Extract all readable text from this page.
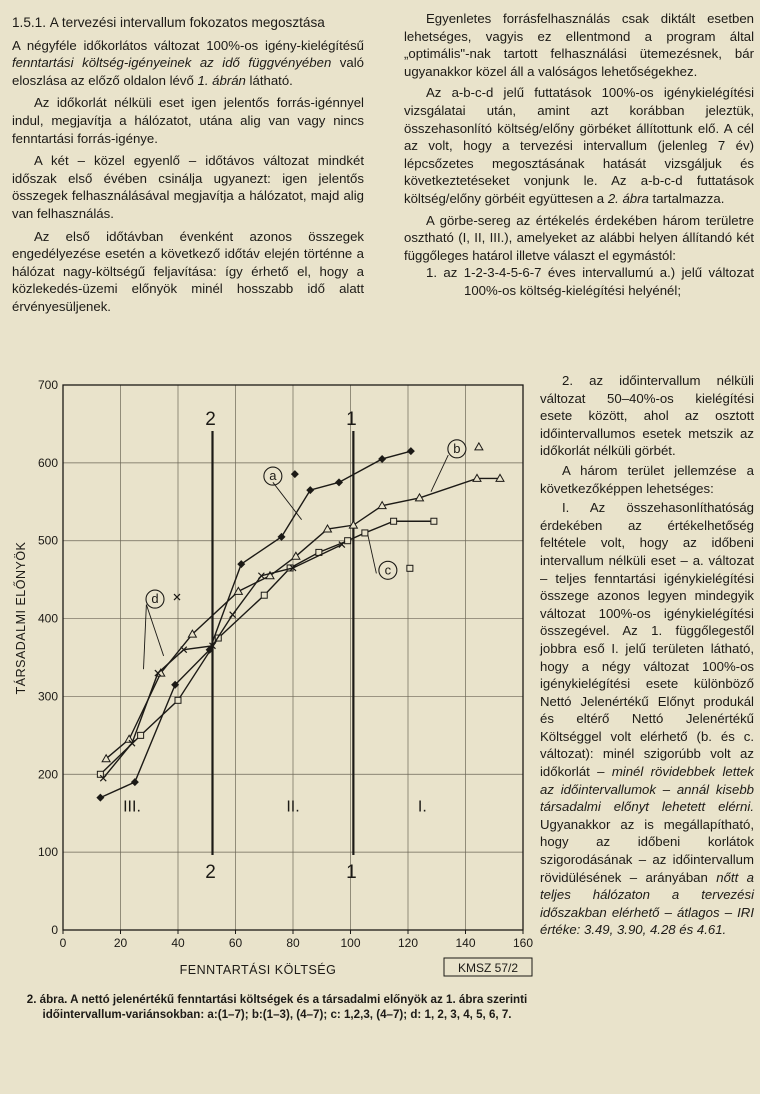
1.5.1. A tervezési intervallum fokozatos megosztása

A négyféle időkorlátos változat 100%-os igény-kielégítésű fenntartási költség-igényeinek az idő függvényében való eloszlása az előző oldalon lévő 1. ábrán látható.

Az időkorlát nélküli eset igen jelentős forrás-igénnyel indul, megjavítja a hálózatot, utána alig van vagy nincs fenntartási forrás-igénye.

A két – közel egyenlő – időtávos változat mindkét időszak első évében csinálja ugyanezt: igen jelentős összegek felhasználásával megjavítja a hálózatot, majd alig van felhasználás.

Az első időtávban évenként azonos összegek engedélyezése esetén a következő időtáv elején történne a hálózat nagy-költségű feljavítása: így érhető el, hogy a közlekedés-üzemi előnyök minél hosszabb idő alatt érvényesüljenek.

Egyenletes forrásfelhasználás csak diktált esetben lehetséges, vagyis ez ellentmond a program által „optimális"-nak tartott felhasználási ütemezésnek, bár ugyanakkor közel áll a valóságos lehetőségekhez.

Az a-b-c-d jelű futtatások 100%-os igénykielégítési vizsgálatai után, amint azt korábban jeleztük, összehasonlító költség/előny görbéket állítottunk elő. A cél az volt, hogy a tervezési intervallum (jelenleg 7 év) lépcsőzetes megosztásának hatását vizsgáljuk és következtetéseket vonjunk le. Az a-b-c-d futtatások költség/előny görbéit együttesen a 2. ábra tartalmazza.

A görbe-sereg az értékelés érdekében három területre osztható (I, II, III.), amelyeket az alábbi helyen állítandó két függőleges határol illetve választ el egymástól:

1. az 1-2-3-4-5-6-7 éves intervallumú a.) jelű változat 100%-os költség-kielégítési helyénél;

2. az időintervallum nélküli változat 50–40%-os kielégítési esete között, ahol az osztott időintervallumos esetek metszik az időkorlát nélküli görbét.

A három terület jellemzése a következőképpen lehetséges:

I. Az összehasonlíthatóság érdekében az értékelhetőség feltétele volt, hogy az időbeni intervallum nélküli eset – a. változat – teljes fenntartási igénykielégítési összege azonos legyen mindegyik változat 100%-os igénykielégítési összegével. Az 1. függőlegestől jobbra eső I. jelű területen látható, hogy a négy változat 100%-os igénykielégítési esete különböző Nettó Jelenértékű Előnyt produkál és eltérő Nettó Jelenértékű Költséggel volt elérhető (b. és c. változat): minél szigorúbb volt az időkorlát – minél rövidebbek lettek az időintervallumok – annál kisebb társadalmi előnyt lehetett elérni. Ugyanakkor az is megállapítható, hogy az időbeni korlátok szigorodásának – az időintervallum rövidülésének – arányában nőtt a teljes hálózaton a tervezési időszakban elérhető – átlagos – IRI értéke: 3.49, 3.90, 4.28 és 4.61.

0
100
200
300
400
500
600
700
0	20	40	60	80	100	120	140	160
2
2
1
1
III.	II.	I.
a
b
c
d
TÁRSADALMI ELŐNYÖK
FENNTARTÁSI KÖLTSÉG	KMSZ 57/2
2. ábra. A nettó jelenértékű fenntartási költségek és a társadalmi előnyök az 1. ábra szerinti időintervallum-variánsokban: a:(1–7); b:(1–3), (4–7); c: 1,2,3, (4–7); d: 1, 2, 3, 4, 5, 6, 7.
